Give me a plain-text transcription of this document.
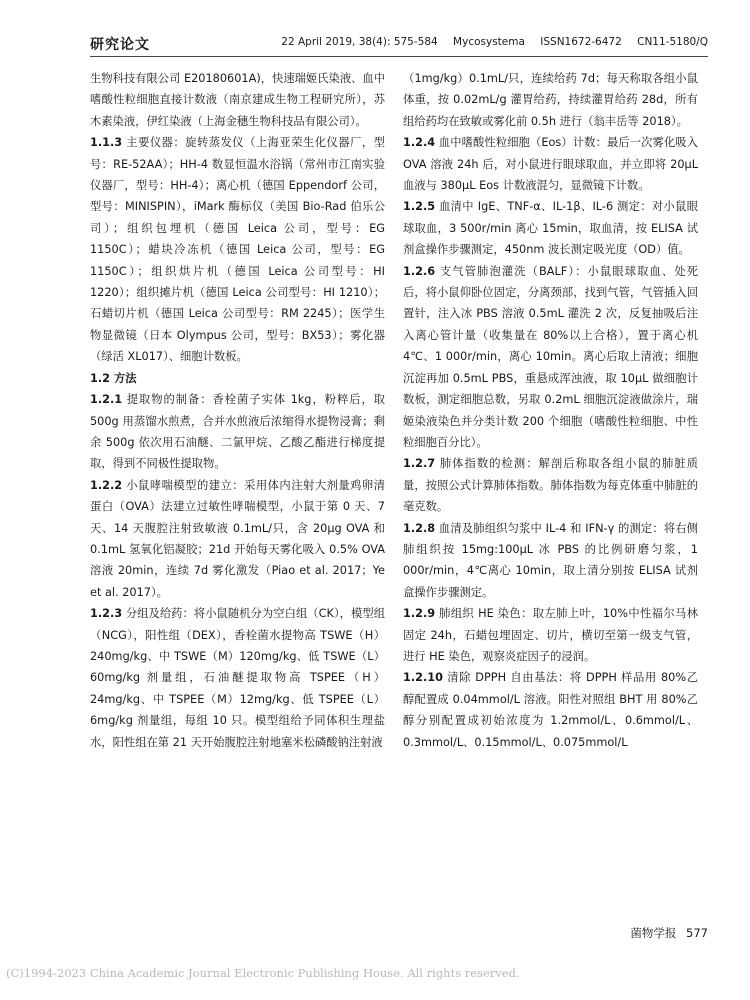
研究论文	22 April 2019, 38(4): 575-584 Mycosystema ISSN1672-6472 CN11-5180/Q

生物科技有限公司 E20180601A)，快速瑞姬氏染液、血中嗜酸性粒细胞直接计数液（南京建成生物工程研究所），苏木素染液，伊红染液（上海金穗生物科技品有限公司）。

1.1.3 主要仪器：旋转蒸发仪（上海亚荣生化仪器厂，型号：RE-52AA）；HH-4 数显恒温水浴锅（常州市江南实验仪器厂，型号：HH-4）；离心机（德国 Eppendorf 公司，型号：MINISPIN），iMark 酶标仪（美国 Bio-Rad 伯乐公司）；组织包埋机（德国 Leica 公司，型号：EG 1150C）；蜡块冷冻机（德国 Leica 公司，型号：EG 1150C）；组织烘片机（德国 Leica 公司型号：HI 1220）；组织摊片机（德国 Leica 公司型号：HI 1210）；石蜡切片机（德国 Leica 公司型号：RM 2245）；医学生物显微镜（日本 Olympus 公司，型号：BX53）；雾化器（绿活 XL017）、细胞计数板。

1.2 方法

1.2.1 提取物的制备：香栓菌子实体 1kg，粉粹后，取 500g 用蒸馏水煎煮，合并水煎液后浓缩得水提物浸膏；剩余 500g 依次用石油醚、二氯甲烷、乙酸乙酯进行梯度提取，得到不同极性提取物。

1.2.2 小鼠哮喘模型的建立：采用体内注射大剂量鸡卵清蛋白（OVA）法建立过敏性哮喘模型，小鼠于第 0 天、7 天、14 天腹腔注射致敏液 0.1mL/只，含 20μg OVA 和 0.1mL 氢氧化铝凝胶；21d 开始每天雾化吸入 0.5% OVA 溶液 20min，连续 7d 雾化激发（Piao et al. 2017；Ye et al. 2017）。

1.2.3 分组及给药：将小鼠随机分为空白组（CK），模型组（NCG），阳性组（DEX），香栓菌水提物高 TSWE（H）240mg/kg、中 TSWE（M）120mg/kg、低 TSWE（L）60mg/kg 剂量组，石油醚提取物高 TSPEE（H）24mg/kg、中 TSPEE（M）12mg/kg、低 TSPEE（L）6mg/kg 剂量组，每组 10 只。模型组给予同体积生理盐水，阳性组在第 21 天开始腹腔注射地塞米松磷酸钠注射液

（1mg/kg）0.1mL/只，连续给药 7d；每天称取各组小鼠体重，按 0.02mL/g 灌胃给药，持续灌胃给药 28d，所有组给药均在致敏或雾化前 0.5h 进行（翁丰岳等 2018）。

1.2.4 血中嗜酸性粒细胞（Eos）计数：最后一次雾化吸入 OVA 溶液 24h 后，对小鼠进行眼球取血，并立即将 20μL 血液与 380μL Eos 计数液混匀，显微镜下计数。

1.2.5 血清中 IgE、TNF-α、IL-1β、IL-6 测定：对小鼠眼球取血，3 500r/min 离心 15min，取血清，按 ELISA 试剂盒操作步骤测定，450nm 波长测定吸光度（OD）值。

1.2.6 支气管肺泡灌洗（BALF）：小鼠眼球取血、处死后，将小鼠仰卧位固定，分离颈部，找到气管，气管插入回置针，注入冰 PBS 溶液 0.5mL 灌洗 2 次，反复抽吸后注入离心管计量（收集量在 80%以上合格），置于离心机 4℃、1 000r/min，离心 10min。离心后取上清液；细胞沉淀再加 0.5mL PBS，重悬成浑浊液，取 10μL 做细胞计数板，测定细胞总数，另取 0.2mL 细胞沉淀液做涂片，瑞姬染液染色并分类计数 200 个细胞（嗜酸性粒细胞、中性粒细胞百分比）。

1.2.7 肺体指数的检测：解剖后称取各组小鼠的肺脏质量，按照公式计算肺体指数。肺体指数为每克体重中肺脏的毫克数。

1.2.8 血清及肺组织匀浆中 IL-4 和 IFN-γ 的测定：将右侧肺组织按 15mg:100μL 冰 PBS 的比例研磨匀浆，1 000r/min，4℃离心 10min，取上清分别按 ELISA 试剂盒操作步骤测定。

1.2.9 肺组织 HE 染色：取左肺上叶，10%中性福尔马林固定 24h，石蜡包埋固定、切片，横切至第一级支气管，进行 HE 染色，观察炎症因子的浸润。

1.2.10 清除 DPPH 自由基法：将 DPPH 样品用 80%乙醇配置成 0.04mmol/L 溶液。阳性对照组 BHT 用 80%乙醇分别配置成初始浓度为 1.2mmol/L、0.6mmol/L、0.3mmol/L、0.15mmol/L、0.075mmol/L

菌物学报 577
(C)1994-2023 China Academic Journal Electronic Publishing House. All rights reserved.
